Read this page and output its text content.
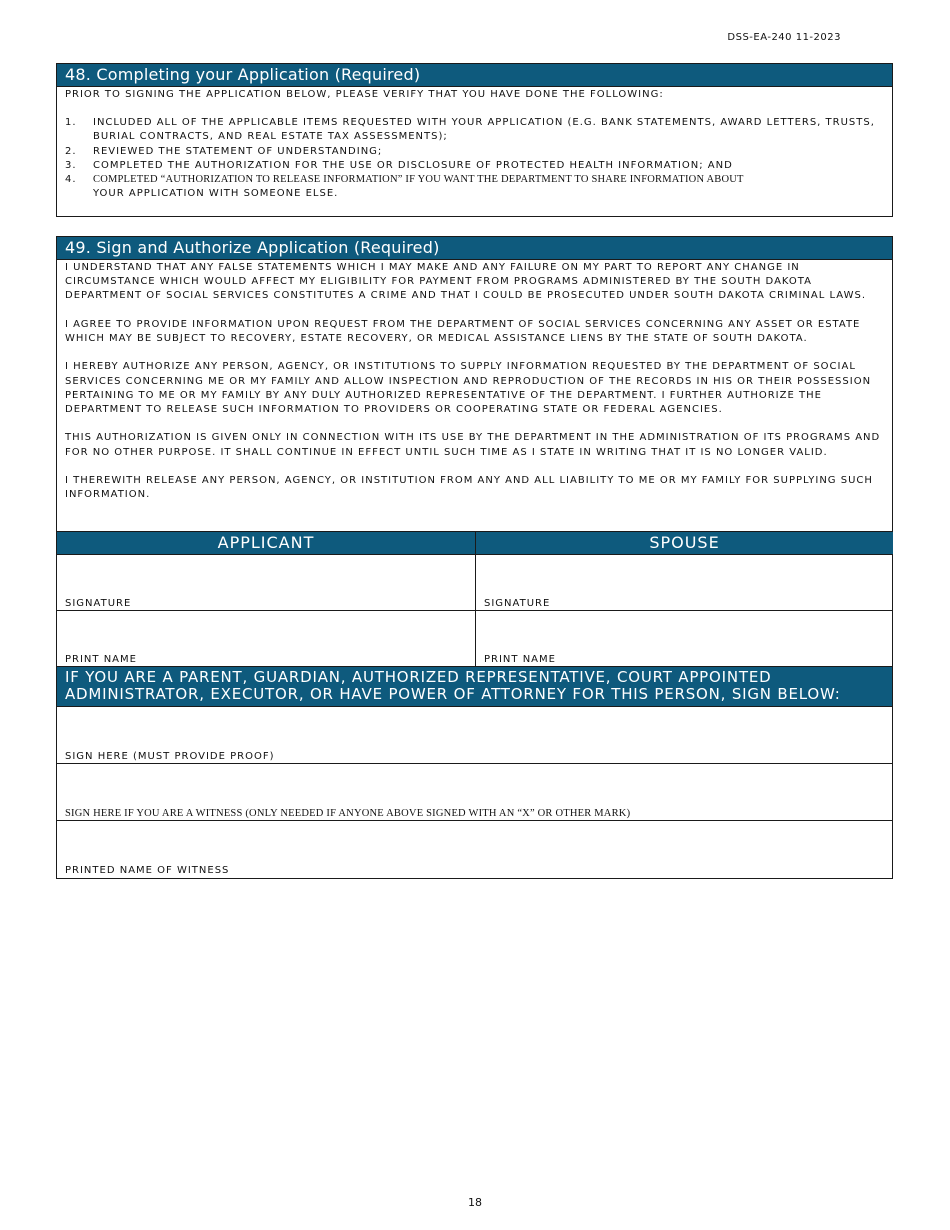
DSS-EA-240 11-2023
48. Completing your Application (Required)
PRIOR TO SIGNING THE APPLICATION BELOW, PLEASE VERIFY THAT YOU HAVE DONE THE FOLLOWING:
1. INCLUDED ALL OF THE APPLICABLE ITEMS REQUESTED WITH YOUR APPLICATION (E.G. BANK STATEMENTS, AWARD LETTERS, TRUSTS, BURIAL CONTRACTS, AND REAL ESTATE TAX ASSESSMENTS);
2. REVIEWED THE STATEMENT OF UNDERSTANDING;
3. COMPLETED THE AUTHORIZATION FOR THE USE OR DISCLOSURE OF PROTECTED HEALTH INFORMATION; AND
4. COMPLETED “AUTHORIZATION TO RELEASE INFORMATION” IF YOU WANT THE DEPARTMENT TO SHARE INFORMATION ABOUT
YOUR APPLICATION WITH SOMEONE ELSE.
49. Sign and Authorize Application (Required)

I UNDERSTAND THAT ANY FALSE STATEMENTS WHICH I MAY MAKE AND ANY FAILURE ON MY PART TO REPORT ANY CHANGE IN CIRCUMSTANCE WHICH WOULD AFFECT MY ELIGIBILITY FOR PAYMENT FROM PROGRAMS ADMINISTERED BY THE SOUTH DAKOTA DEPARTMENT OF SOCIAL SERVICES CONSTITUTES A CRIME AND THAT I COULD BE PROSECUTED UNDER SOUTH DAKOTA CRIMINAL LAWS.

I AGREE TO PROVIDE INFORMATION UPON REQUEST FROM THE DEPARTMENT OF SOCIAL SERVICES CONCERNING ANY ASSET OR ESTATE WHICH MAY BE SUBJECT TO RECOVERY, ESTATE RECOVERY, OR MEDICAL ASSISTANCE LIENS BY THE STATE OF SOUTH DAKOTA.

I HEREBY AUTHORIZE ANY PERSON, AGENCY, OR INSTITUTIONS TO SUPPLY INFORMATION REQUESTED BY THE DEPARTMENT OF SOCIAL SERVICES CONCERNING ME OR MY FAMILY AND ALLOW INSPECTION AND REPRODUCTION OF THE RECORDS IN HIS OR THEIR POSSESSION PERTAINING TO ME OR MY FAMILY BY ANY DULY AUTHORIZED REPRESENTATIVE OF THE DEPARTMENT. I FURTHER AUTHORIZE THE DEPARTMENT TO RELEASE SUCH INFORMATION TO PROVIDERS OR COOPERATING STATE OR FEDERAL AGENCIES.

THIS AUTHORIZATION IS GIVEN ONLY IN CONNECTION WITH ITS USE BY THE DEPARTMENT IN THE ADMINISTRATION OF ITS PROGRAMS AND FOR NO OTHER PURPOSE. IT SHALL CONTINUE IN EFFECT UNTIL SUCH TIME AS I STATE IN WRITING THAT IT IS NO LONGER VALID.

I THEREWITH RELEASE ANY PERSON, AGENCY, OR INSTITUTION FROM ANY AND ALL LIABILITY TO ME OR MY FAMILY FOR SUPPLYING SUCH INFORMATION.

APPLICANT	SPOUSE
SIGNATURE	SIGNATURE
PRINT NAME	PRINT NAME
IF YOU ARE A PARENT, GUARDIAN, AUTHORIZED REPRESENTATIVE, COURT APPOINTED ADMINISTRATOR, EXECUTOR, OR HAVE POWER OF ATTORNEY FOR THIS PERSON, SIGN BELOW:
SIGN HERE (MUST PROVIDE PROOF)
SIGN HERE IF YOU ARE A WITNESS (ONLY NEEDED IF ANYONE ABOVE SIGNED WITH AN “X” OR OTHER MARK)
PRINTED NAME OF WITNESS
18
